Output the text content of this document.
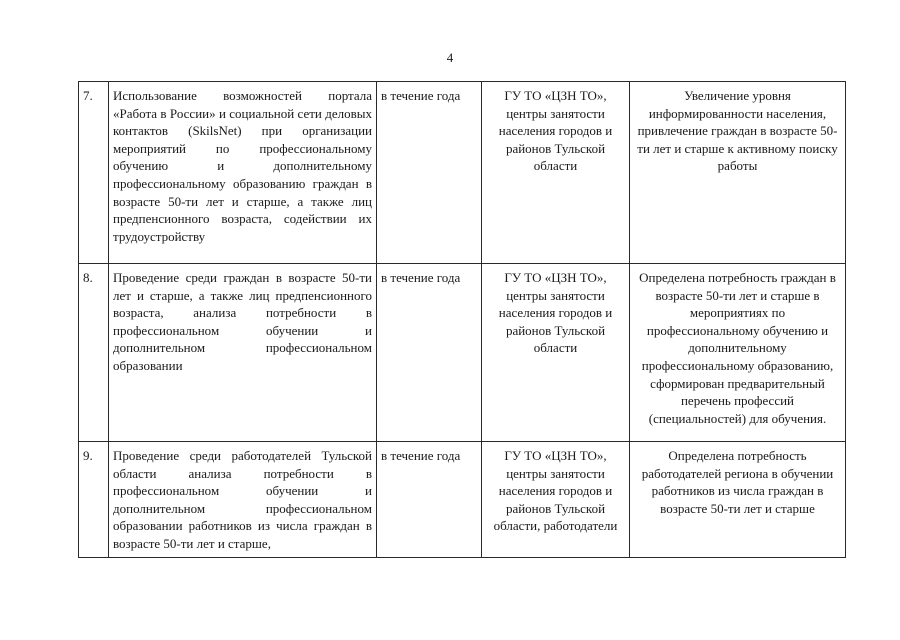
4
7.	Использование возможностей портала «Работа в России» и социальной сети деловых контактов (SkilsNet) при организации мероприятий по профессиональному обучению и дополнительному профессиональному образованию граждан в возрасте 50-ти лет и старше, а также лиц предпенсионного возраста, содействии их трудоустройству	в течение года	ГУ ТО «ЦЗН ТО», центры занятости населения городов и районов Тульской области	Увеличение уровня информированности населения, привлечение граждан в возрасте 50-ти лет и старше к активному поиску работы
8.	Проведение среди граждан в возрасте 50-ти лет и старше, а также лиц предпенсионного возраста, анализа потребности в профессиональном обучении и дополнительном профессиональном образовании	в течение года	ГУ ТО «ЦЗН ТО», центры занятости населения городов и районов Тульской области	Определена потребность граждан в возрасте 50-ти лет и старше в мероприятиях по профессиональному обучению и дополнительному профессиональному образованию, сформирован предварительный перечень профессий (специальностей) для обучения.
9.	Проведение среди работодателей Тульской области анализа потребности в профессиональном обучении и дополнительном профессиональном образовании работников из числа граждан в возрасте 50-ти лет и старше,	в течение года	ГУ ТО «ЦЗН ТО», центры занятости населения городов и районов Тульской области, работодатели	Определена потребность работодателей региона в обучении работников из числа граждан в возрасте 50-ти лет и старше
